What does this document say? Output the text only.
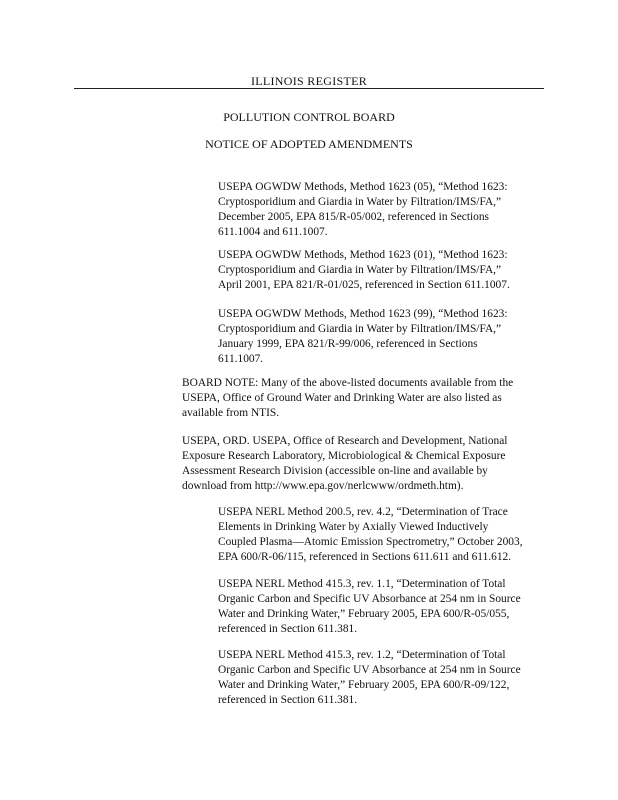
ILLINOIS REGISTER
POLLUTION CONTROL BOARD
NOTICE OF ADOPTED AMENDMENTS
USEPA OGWDW Methods, Method 1623 (05), “Method 1623:
Cryptosporidium and Giardia in Water by Filtration/IMS/FA,”
December 2005, EPA 815/R-05/002, referenced in Sections
611.1004 and 611.1007.
USEPA OGWDW Methods, Method 1623 (01), “Method 1623:
Cryptosporidium and Giardia in Water by Filtration/IMS/FA,”
April 2001, EPA 821/R-01/025, referenced in Section 611.1007.
USEPA OGWDW Methods, Method 1623 (99), “Method 1623:
Cryptosporidium and Giardia in Water by Filtration/IMS/FA,”
January 1999, EPA 821/R-99/006, referenced in Sections
611.1007.
BOARD NOTE: Many of the above-listed documents available from the
USEPA, Office of Ground Water and Drinking Water are also listed as
available from NTIS.
USEPA, ORD. USEPA, Office of Research and Development, National
Exposure Research Laboratory, Microbiological & Chemical Exposure
Assessment Research Division (accessible on-line and available by
download from http://www.epa.gov/nerlcwww/ordmeth.htm).
USEPA NERL Method 200.5, rev. 4.2, “Determination of Trace
Elements in Drinking Water by Axially Viewed Inductively
Coupled Plasma—Atomic Emission Spectrometry,” October 2003,
EPA 600/R-06/115, referenced in Sections 611.611 and 611.612.
USEPA NERL Method 415.3, rev. 1.1, “Determination of Total
Organic Carbon and Specific UV Absorbance at 254 nm in Source
Water and Drinking Water,” February 2005, EPA 600/R-05/055,
referenced in Section 611.381.
USEPA NERL Method 415.3, rev. 1.2, “Determination of Total
Organic Carbon and Specific UV Absorbance at 254 nm in Source
Water and Drinking Water,” February 2005, EPA 600/R-09/122,
referenced in Section 611.381.
